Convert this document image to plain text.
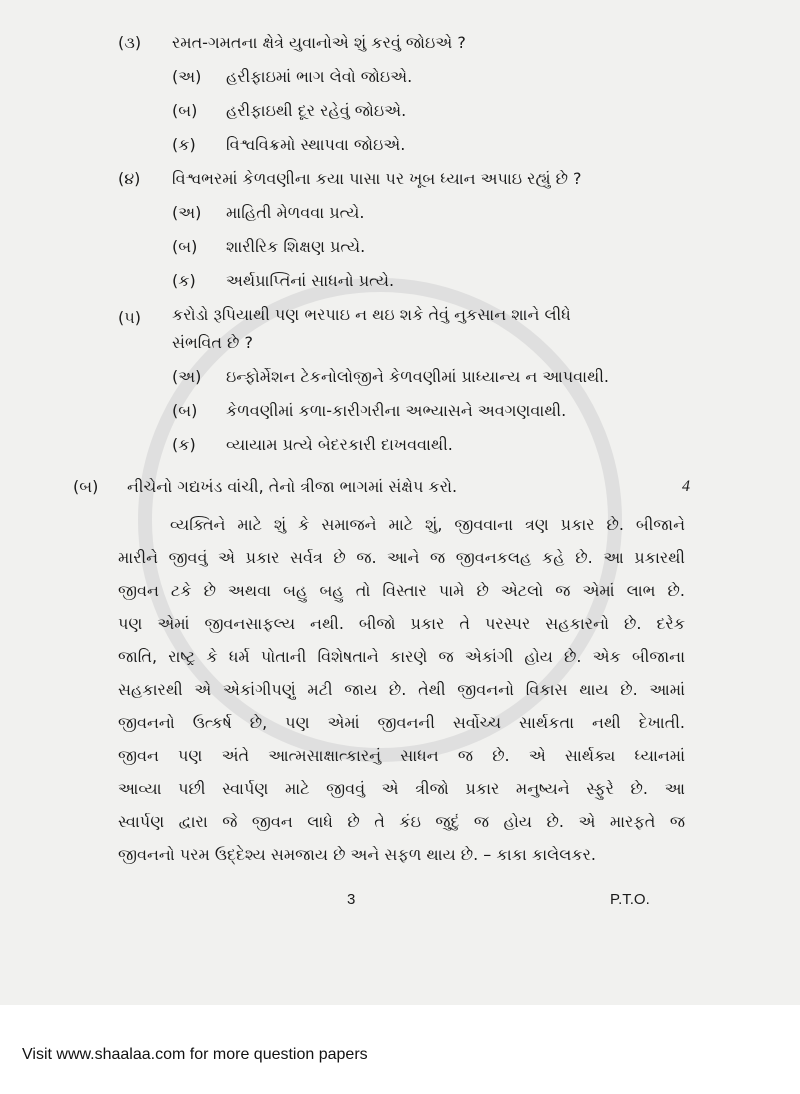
(૩)	રમત-ગમતના ક્ષેત્રે યુવાનોએ શું કરવું જોઇએ ?
(અ)	હરીફાઇમાં ભાગ લેવો જોઇએ.
(બ)	હરીફાઇથી દૂર રહેવું જોઇએ.
(ક)	વિશ્વવિક્રમો સ્થાપવા જોઇએ.
(૪)	વિશ્વભરમાં કેળવણીના કયા પાસા પર ખૂબ ધ્યાન અપાઇ રહ્યું છે ?
(અ)	માહિતી મેળવવા પ્રત્યે.
(બ)	શારીરિક શિક્ષણ પ્રત્યે.
(ક)	અર્થપ્રાપ્તિનાં સાધનો પ્રત્યે.
(૫)	કરોડો રૂપિયાથી પણ ભરપાઇ ન થઇ શકે તેવું નુકસાન શાને લીધે
સંભવિત છે ?
(અ)	ઇન્ફોર્મેશન ટેકનોલોજીને કેળવણીમાં પ્રાધ્યાન્ય ન આપવાથી.
(બ)	કેળવણીમાં કળા-કારીગરીના અભ્યાસને અવગણવાથી.
(ક)	વ્યાયામ પ્રત્યે બેદરકારી દાખવવાથી.
(બ)	નીચેનો ગદ્યખંડ વાંચી, તેનો ત્રીજા ભાગમાં સંક્ષેપ કરો.	4
વ્યક્તિને માટે શું કે સમાજને માટે શું, જીવવાના ત્રણ પ્રકાર છે. બીજાને
મારીને જીવવું એ પ્રકાર સર્વત્ર છે જ. આને જ જીવનકલહ કહે છે. આ પ્રકારથી
જીવન ટકે છે અથવા બહુ બહુ તો વિસ્તાર પામે છે એટલો જ એમાં લાભ છે.
પણ એમાં જીવનસાફલ્ય નથી. બીજો પ્રકાર તે પરસ્પર સહકારનો છે. દરેક
જાતિ, રાષ્ટ્ર કે ધર્મ પોતાની વિશેષતાને કારણે જ એકાંગી હોય છે. એક બીજાના
સહકારથી એ એકાંગીપણું મટી જાય છે. તેથી જીવનનો વિકાસ થાય છે. આમાં
જીવનનો ઉત્કર્ષ છે, પણ એમાં જીવનની સર્વોચ્ચ સાર્થકતા નથી દેખાતી.
જીવન પણ અંતે આત્મસાક્ષાત્કારનું સાધન જ છે. એ સાર્થક્ય ધ્યાનમાં
આવ્યા પછી સ્વાર્પણ માટે જીવવું એ ત્રીજો પ્રકાર મનુષ્યને સ્ફુરે છે. આ
સ્વાર્પણ દ્વારા જે જીવન લાધે છે તે કંઇ જુદું જ હોય છે. એ મારફતે જ
જીવનનો પરમ ઉદ્દેશ્ય સમજાય છે અને સફળ થાય છે. – કાકા કાલેલકર.
3	P.T.O.
Visit www.shaalaa.com for more question papers
